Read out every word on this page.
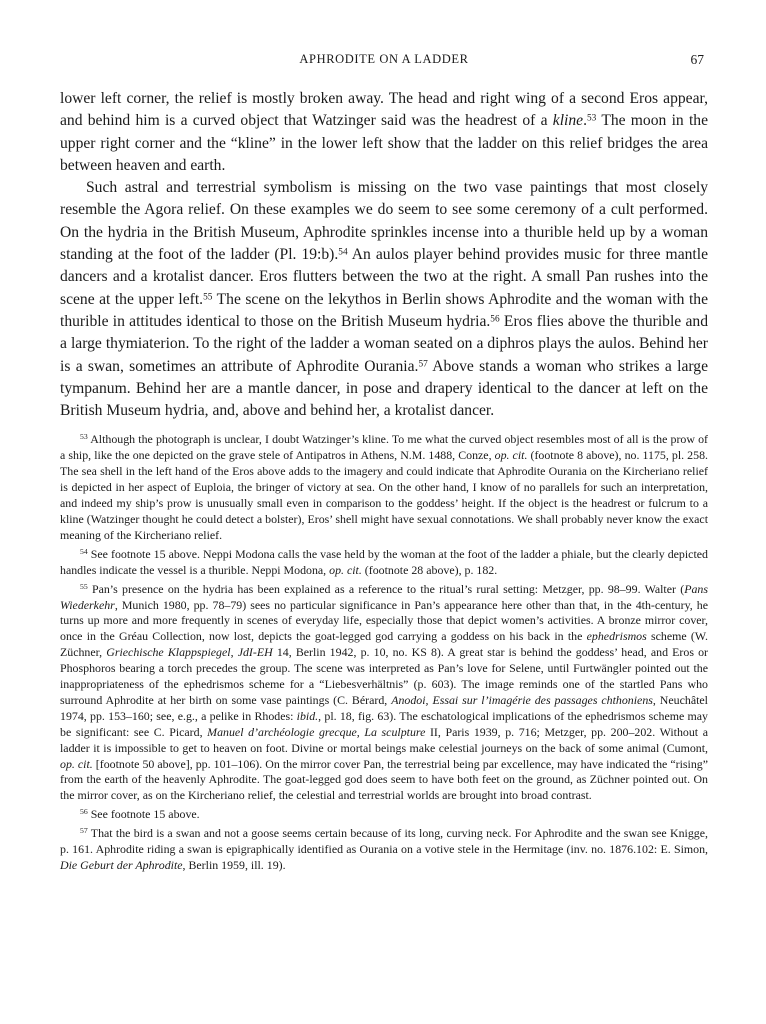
APHRODITE ON A LADDER	67

lower left corner, the relief is mostly broken away. The head and right wing of a second Eros appear, and behind him is a curved object that Watzinger said was the headrest of a kline.$^{53}$ The moon in the upper right corner and the “kline” in the lower left show that the ladder on this relief bridges the area between heaven and earth.

Such astral and terrestrial symbolism is missing on the two vase paintings that most closely resemble the Agora relief. On these examples we do seem to see some ceremony of a cult performed. On the hydria in the British Museum, Aphrodite sprinkles incense into a thurible held up by a woman standing at the foot of the ladder (Pl. 19:b).$^{54}$ An aulos player behind provides music for three mantle dancers and a krotalist dancer. Eros flutters between the two at the right. A small Pan rushes into the scene at the upper left.$^{55}$ The scene on the lekythos in Berlin shows Aphrodite and the woman with the thurible in attitudes identical to those on the British Museum hydria.$^{56}$ Eros flies above the thurible and a large thymiaterion. To the right of the ladder a woman seated on a diphros plays the aulos. Behind her is a swan, sometimes an attribute of Aphrodite Ourania.$^{57}$ Above stands a woman who strikes a large tympanum. Behind her are a mantle dancer, in pose and drapery identical to the dancer at left on the British Museum hydria, and, above and behind her, a krotalist dancer.

$^{53}$ Although the photograph is unclear, I doubt Watzinger’s kline. To me what the curved object resembles most of all is the prow of a ship, like the one depicted on the grave stele of Antipatros in Athens, N.M. 1488, Conze, op. cit. (footnote 8 above), no. 1175, pl. 258. The sea shell in the left hand of the Eros above adds to the imagery and could indicate that Aphrodite Ourania on the Kircheriano relief is depicted in her aspect of Euploia, the bringer of victory at sea. On the other hand, I know of no parallels for such an interpretation, and indeed my ship’s prow is unusually small even in comparison to the goddess’ height. If the object is the headrest or fulcrum to a kline (Watzinger thought he could detect a bolster), Eros’ shell might have sexual connotations. We shall probably never know the exact meaning of the Kircheriano relief.

$^{54}$ See footnote 15 above. Neppi Modona calls the vase held by the woman at the foot of the ladder a phiale, but the clearly depicted handles indicate the vessel is a thurible. Neppi Modona, op. cit. (footnote 28 above), p. 182.

$^{55}$ Pan’s presence on the hydria has been explained as a reference to the ritual’s rural setting: Metzger, pp. 98–99. Walter (Pans Wiederkehr, Munich 1980, pp. 78–79) sees no particular significance in Pan’s appearance here other than that, in the 4th-century, he turns up more and more frequently in scenes of everyday life, especially those that depict women’s activities. A bronze mirror cover, once in the Gréau Collection, now lost, depicts the goat-legged god carrying a goddess on his back in the ephedrismos scheme (W. Züchner, Griechische Klappspiegel, JdI-EH 14, Berlin 1942, p. 10, no. KS 8). A great star is behind the goddess’ head, and Eros or Phosphoros bearing a torch precedes the group. The scene was interpreted as Pan’s love for Selene, until Furtwängler pointed out the inappropriateness of the ephedrismos scheme for a “Liebesverhältnis” (p. 603). The image reminds one of the startled Pans who surround Aphrodite at her birth on some vase paintings (C. Bérard, Anodoi, Essai sur l’imagérie des passages chthoniens, Neuchâtel 1974, pp. 153–160; see, e.g., a pelike in Rhodes: ibid., pl. 18, fig. 63). The eschatological implications of the ephedrismos scheme may be significant: see C. Picard, Manuel d’archéologie grecque, La sculpture II, Paris 1939, p. 716; Metzger, pp. 200–202. Without a ladder it is impossible to get to heaven on foot. Divine or mortal beings make celestial journeys on the back of some animal (Cumont, op. cit. [footnote 50 above], pp. 101–106). On the mirror cover Pan, the terrestrial being par excellence, may have indicated the “rising” from the earth of the heavenly Aphrodite. The goat-legged god does seem to have both feet on the ground, as Züchner pointed out. On the mirror cover, as on the Kircheriano relief, the celestial and terrestrial worlds are brought into broad contrast.

$^{56}$ See footnote 15 above.

$^{57}$ That the bird is a swan and not a goose seems certain because of its long, curving neck. For Aphrodite and the swan see Knigge, p. 161. Aphrodite riding a swan is epigraphically identified as Ourania on a votive stele in the Hermitage (inv. no. 1876.102: E. Simon, Die Geburt der Aphrodite, Berlin 1959, ill. 19).
